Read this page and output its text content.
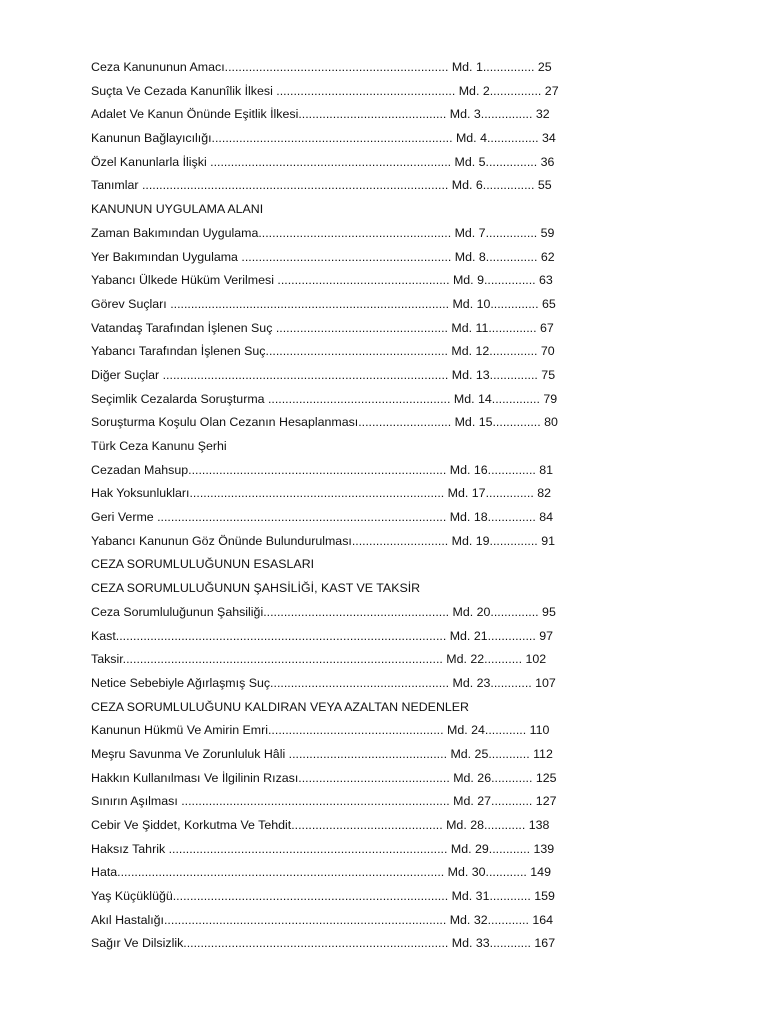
Ceza Kanununun Amacı................................................................. Md. 1............... 25
Suçta Ve Cezada Kanunîlik İlkesi .................................................... Md. 2............... 27
Adalet Ve Kanun Önünde Eşitlik İlkesi........................................... Md. 3............... 32
Kanunun Bağlayıcılığı...................................................................... Md. 4............... 34
Özel Kanunlarla İlişki ...................................................................... Md. 5............... 36
Tanımlar ......................................................................................... Md. 6............... 55
KANUNUN UYGULAMA ALANI
Zaman Bakımından Uygulama........................................................ Md. 7............... 59
Yer Bakımından Uygulama ............................................................. Md. 8............... 62
Yabancı Ülkede Hüküm Verilmesi .................................................. Md. 9............... 63
Görev Suçları ................................................................................. Md. 10.............. 65
Vatandaş Tarafından İşlenen Suç .................................................. Md. 11.............. 67
Yabancı Tarafından İşlenen Suç..................................................... Md. 12.............. 70
Diğer Suçlar ................................................................................... Md. 13.............. 75
Seçimlik Cezalarda Soruşturma ..................................................... Md. 14.............. 79
Soruşturma Koşulu Olan Cezanın Hesaplanması........................... Md. 15.............. 80
Türk Ceza Kanunu Şerhi
Cezadan Mahsup........................................................................... Md. 16.............. 81
Hak Yoksunlukları.......................................................................... Md. 17.............. 82
Geri Verme .................................................................................... Md. 18.............. 84
Yabancı Kanunun Göz Önünde Bulundurulması............................ Md. 19.............. 91
CEZA SORUMLULUĞUNUN ESASLARI
CEZA SORUMLULUĞUNUN ŞAHSİLİĞİ, KAST VE TAKSİR
Ceza Sorumluluğunun Şahsiliği...................................................... Md. 20.............. 95
Kast................................................................................................ Md. 21.............. 97
Taksir............................................................................................. Md. 22........... 102
Netice Sebebiyle Ağırlaşmış Suç.................................................... Md. 23............ 107
CEZA SORUMLULUĞUNU KALDIRAN VEYA AZALTAN NEDENLER
Kanunun Hükmü Ve Amirin Emri................................................... Md. 24............ 110
Meşru Savunma Ve Zorunluluk Hâli .............................................. Md. 25............ 112
Hakkın Kullanılması Ve İlgilinin Rızası............................................ Md. 26............ 125
Sınırın Aşılması .............................................................................. Md. 27............ 127
Cebir Ve Şiddet, Korkutma Ve Tehdit............................................ Md. 28............ 138
Haksız Tahrik ................................................................................. Md. 29............ 139
Hata............................................................................................... Md. 30............ 149
Yaş Küçüklüğü................................................................................ Md. 31............ 159
Akıl Hastalığı.................................................................................. Md. 32............ 164
Sağır Ve Dilsizlik............................................................................. Md. 33............ 167
